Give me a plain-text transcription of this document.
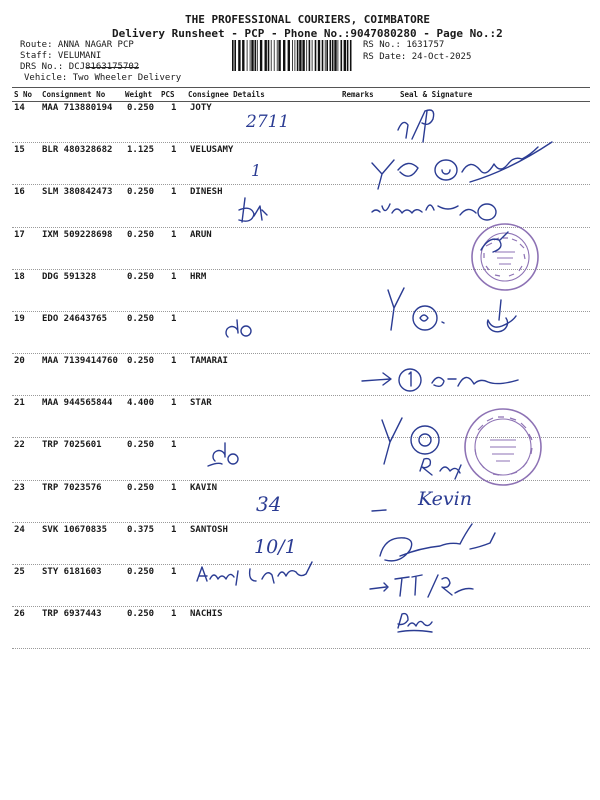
THE PROFESSIONAL COURIERS, COIMBATORE
Delivery Runsheet - PCP - Phone No.:9047080280 - Page No.:2
Route: ANNA NAGAR PCP
Staff: VELUMANI
DRS No.: DCJ8163175702
Vehicle: Two Wheeler Delivery
RS No.: 1631757
RS Date: 24-Oct-2025
S No Consignment No	Weight PCS Consignee Details	Remarks	Seal & Signature
14 MAA 713880194 0.250 1 JOTY
15 BLR 480328682 1.125 1 VELUSAMY
16 SLM 380842473 0.250 1 DINESH
17 IXM 509228698 0.250 1 ARUN
18 DDG 591328	0.250 1 HRM
19 EDO 24643765 0.250 1
20 MAA 7139414760 0.250 1 TAMARAI
21 MAA 944565844 4.400 1 STAR
22 TRP 7025601	0.250 1
23 TRP 7023576	0.250 1 KAVIN
24 SVK 10670835 0.375 1 SANTOSH
25 STY 6181603	0.250 1
26 TRP 6937443	0.250 1 NACHIS
2711
1
34	Kevin
10/1
